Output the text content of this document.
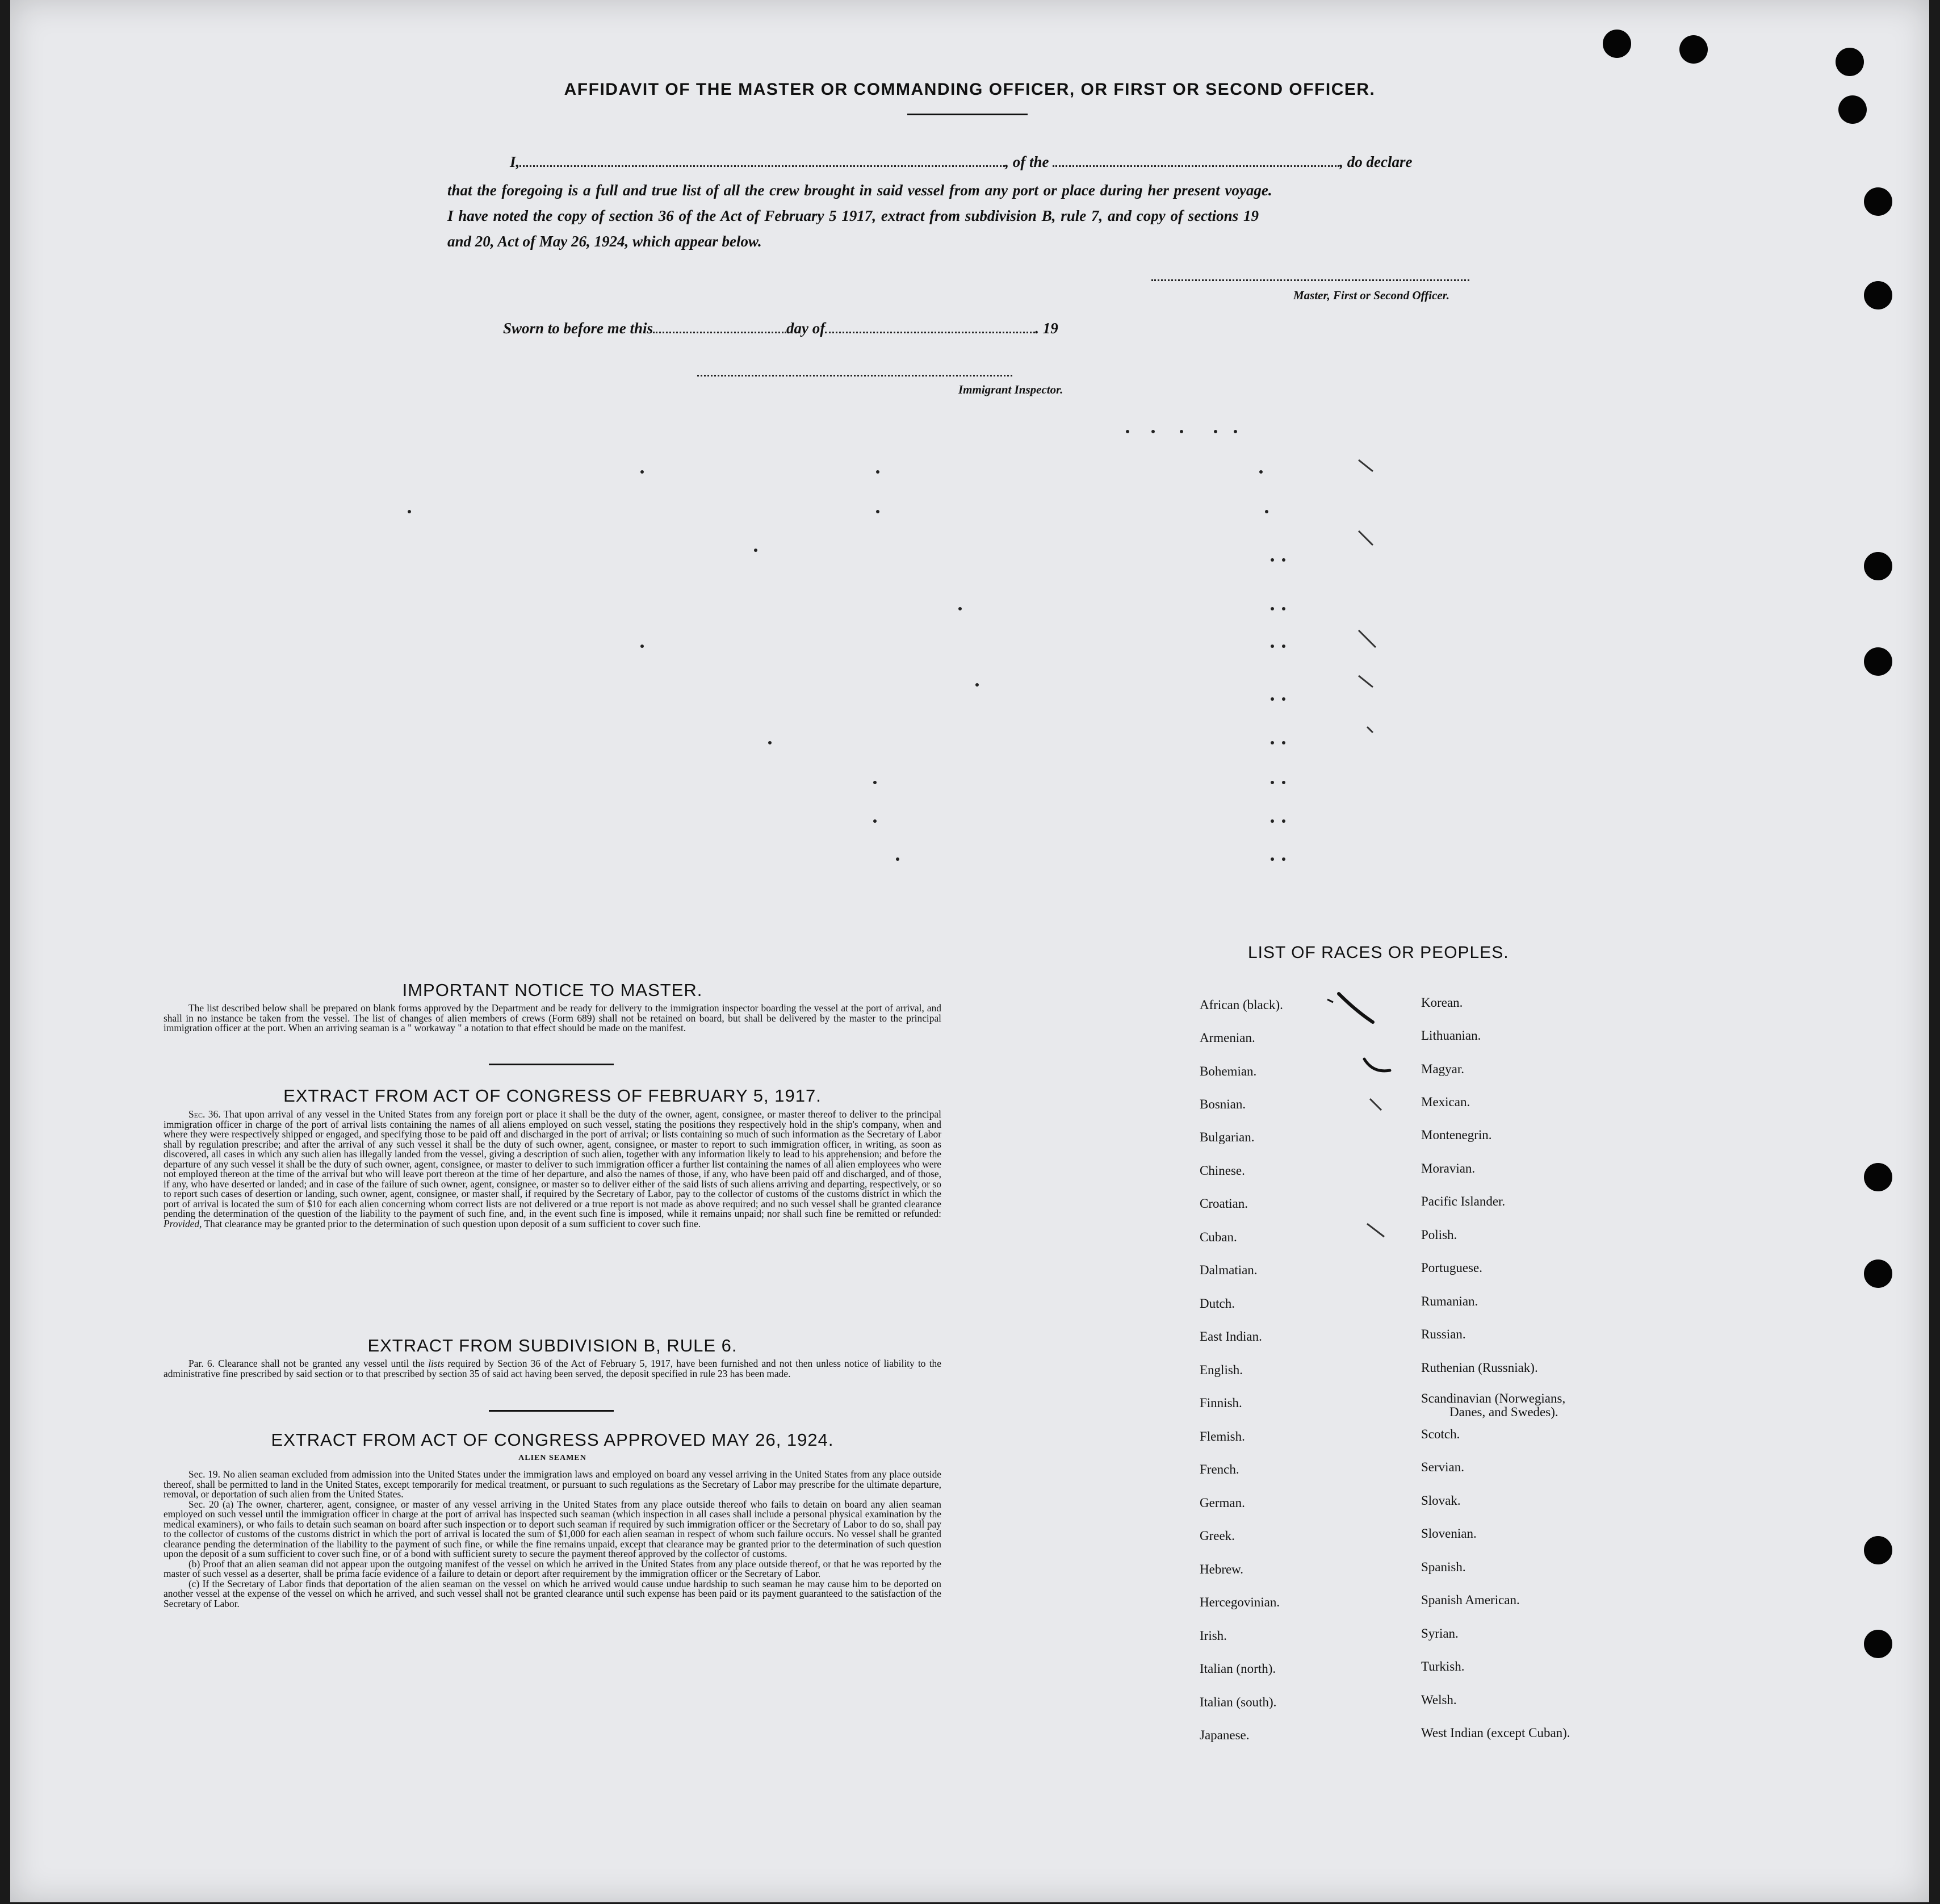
AFFIDAVIT OF THE MASTER OR COMMANDING OFFICER, OR FIRST OR SECOND OFFICER.
I,	, of the	, do declare
that the foregoing is a full and true list of all the crew brought in said vessel from any port or place during her present voyage.
I have noted the copy of section 36 of the Act of February 5 1917, extract from subdivision B, rule 7, and copy of sections 19
and 20, Act of May 26, 1924, which appear below.
Master, First or Second Officer.
Sworn to before me this	day of	. 19
Immigrant Inspector.
IMPORTANT NOTICE TO MASTER.

The list described below shall be prepared on blank forms approved by the Department and be ready for delivery to the immigration inspector boarding the vessel at the port of arrival, and shall in no instance be taken from the vessel. The list of changes of alien members of crews (Form 689) shall not be retained on board, but shall be delivered by the master to the principal immigration officer at the port. When an arriving seaman is a " workaway " a notation to that effect should be made on the manifest.

EXTRACT FROM ACT OF CONGRESS OF FEBRUARY 5, 1917.

Sec. 36. That upon arrival of any vessel in the United States from any foreign port or place it shall be the duty of the owner, agent, consignee, or master thereof to deliver to the principal immigration officer in charge of the port of arrival lists containing the names of all aliens employed on such vessel, stating the positions they respectively hold in the ship's company, when and where they were respectively shipped or engaged, and specifying those to be paid off and discharged in the port of arrival; or lists containing so much of such information as the Secretary of Labor shall by regulation prescribe; and after the arrival of any such vessel it shall be the duty of such owner, agent, consignee, or master to report to such immigration officer, in writing, as soon as discovered, all cases in which any such alien has illegally landed from the vessel, giving a description of such alien, together with any information likely to lead to his apprehension; and before the departure of any such vessel it shall be the duty of such owner, agent, consignee, or master to deliver to such immigration officer a further list containing the names of all alien employees who were not employed thereon at the time of the arrival but who will leave port thereon at the time of her departure, and also the names of those, if any, who have been paid off and discharged, and of those, if any, who have deserted or landed; and in case of the failure of such owner, agent, consignee, or master so to deliver either of the said lists of such aliens arriving and departing, respectively, or so to report such cases of desertion or landing, such owner, agent, consignee, or master shall, if required by the Secretary of Labor, pay to the collector of customs of the customs district in which the port of arrival is located the sum of $10 for each alien concerning whom correct lists are not delivered or a true report is not made as above required; and no such vessel shall be granted clearance pending the determination of the question of the liability to the payment of such fine, and, in the event such fine is imposed, while it remains unpaid; nor shall such fine be remitted or refunded: Provided, That clearance may be granted prior to the determination of such question upon deposit of a sum sufficient to cover such fine.

EXTRACT FROM SUBDIVISION B, RULE 6.

Par. 6. Clearance shall not be granted any vessel until the lists required by Section 36 of the Act of February 5, 1917, have been furnished and not then unless notice of liability to the administrative fine prescribed by said section or to that prescribed by section 35 of said act having been served, the deposit specified in rule 23 has been made.

EXTRACT FROM ACT OF CONGRESS APPROVED MAY 26, 1924.
ALIEN SEAMEN

Sec. 19. No alien seaman excluded from admission into the United States under the immigration laws and employed on board any vessel arriving in the United States from any place outside thereof, shall be permitted to land in the United States, except temporarily for medical treatment, or pursuant to such regulations as the Secretary of Labor may prescribe for the ultimate departure, removal, or deportation of such alien from the United States.

Sec. 20 (a) The owner, charterer, agent, consignee, or master of any vessel arriving in the United States from any place outside thereof who fails to detain on board any alien seaman employed on such vessel until the immigration officer in charge at the port of arrival has inspected such seaman (which inspection in all cases shall include a personal physical examination by the medical examiners), or who fails to detain such seaman on board after such inspection or to deport such seaman if required by such immigration officer or the Secretary of Labor to do so, shall pay to the collector of customs of the customs district in which the port of arrival is located the sum of $1,000 for each alien seaman in respect of whom such failure occurs. No vessel shall be granted clearance pending the determination of the liability to the payment of such fine, or while the fine remains unpaid, except that clearance may be granted prior to the determination of such question upon the deposit of a sum sufficient to cover such fine, or of a bond with sufficient surety to secure the payment thereof approved by the collector of customs.

(b) Proof that an alien seaman did not appear upon the outgoing manifest of the vessel on which he arrived in the United States from any place outside thereof, or that he was reported by the master of such vessel as a deserter, shall be prima facie evidence of a failure to detain or deport after requirement by the immigration officer or the Secretary of Labor.

(c) If the Secretary of Labor finds that deportation of the alien seaman on the vessel on which he arrived would cause undue hardship to such seaman he may cause him to be deported on another vessel at the expense of the vessel on which he arrived, and such vessel shall not be granted clearance until such expense has been paid or its payment guaranteed to the satisfaction of the Secretary of Labor.

LIST OF RACES OR PEOPLES.
African (black).
Armenian.
Bohemian.
Bosnian.
Bulgarian.
Chinese.
Croatian.
Cuban.
Dalmatian.
Dutch.
East Indian.
English.
Finnish.
Flemish.
French.
German.
Greek.
Hebrew.
Hercegovinian.
Irish.
Italian (north).
Italian (south).
Japanese.
Korean.
Lithuanian.
Magyar.
Mexican.
Montenegrin.
Moravian.
Pacific Islander.
Polish.
Portuguese.
Rumanian.
Russian.
Ruthenian (Russniak).
Scandinavian (Norwegians,
Danes, and Swedes).
Scotch.
Servian.
Slovak.
Slovenian.
Spanish.
Spanish American.
Syrian.
Turkish.
Welsh.
West Indian (except Cuban).
